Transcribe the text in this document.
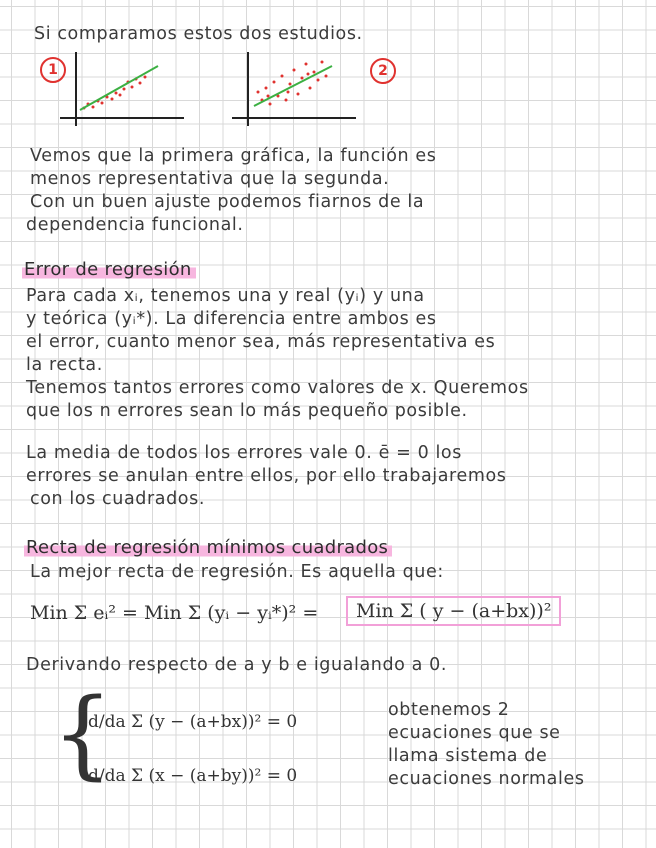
Si comparamos estos dos estudios.
1	2
Vemos que la primera gráfica, la función es
menos representativa que la segunda.
Con un buen ajuste podemos fiarnos de la
dependencia funcional.
Error de regresión
Para cada xᵢ, tenemos una y real (yᵢ) y una
y teórica (yᵢ*). La diferencia entre ambos es
el error, cuanto menor sea, más representativa es
la recta.
Tenemos tantos errores como valores de x. Queremos
que los n errores sean lo más pequeño posible.
La media de todos los errores vale 0. ē = 0 los
errores se anulan entre ellos, por ello trabajaremos
con los cuadrados.
Recta de regresión mínimos cuadrados
La mejor recta de regresión. Es aquella que:
Min Σ eᵢ² = Min Σ (yᵢ − yᵢ*)² =	Min Σ ( y − (a+bx))²
Derivando respecto de a y b e igualando a 0.
{
d/da Σ (y − (a+bx))² = 0
d/da Σ (x − (a+by))² = 0
obtenemos 2
ecuaciones que se
llama sistema de
ecuaciones normales
